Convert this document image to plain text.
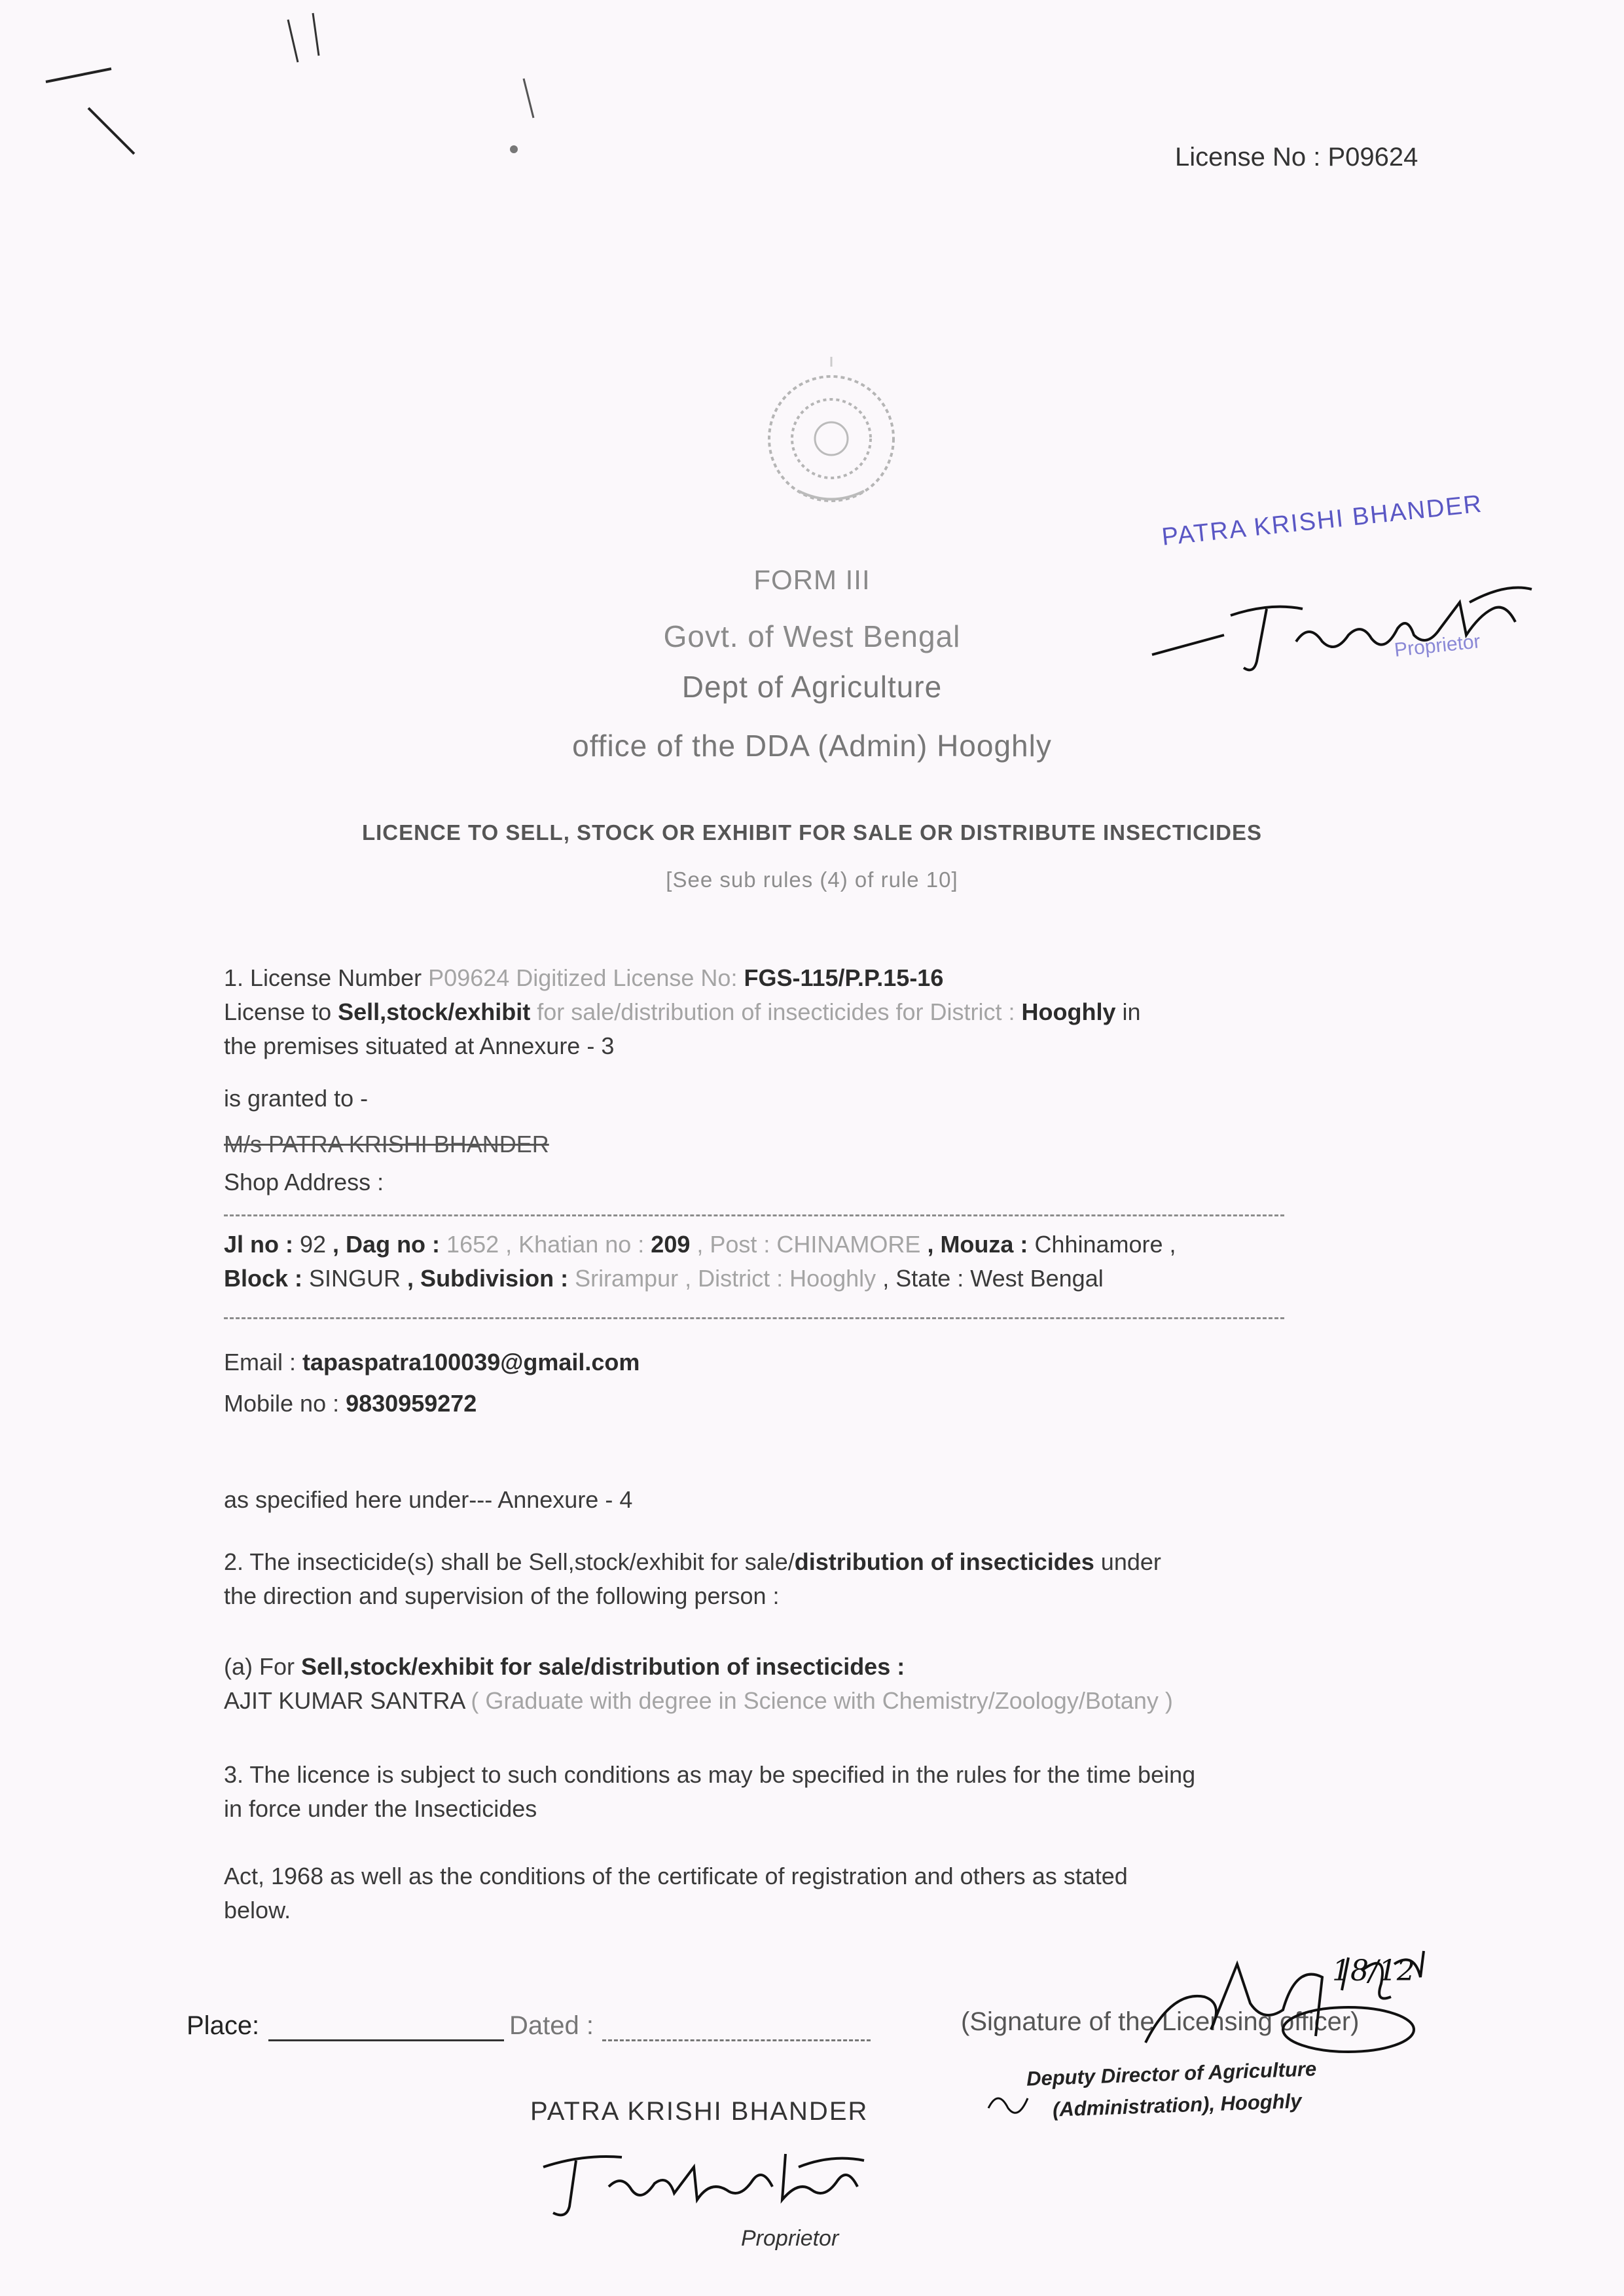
License No : P09624
FORM III
Govt. of West Bengal
Dept of Agriculture
office of the DDA (Admin) Hooghly
PATRA KRISHI BHANDER
Proprietor
LICENCE TO SELL, STOCK OR EXHIBIT FOR SALE OR DISTRIBUTE INSECTICIDES
[See sub rules (4) of rule 10]
1. License Number P09624 Digitized License No: FGS-115/P.P.15-16
License to Sell,stock/exhibit for sale/distribution of insecticides for District : Hooghly in
the premises situated at Annexure - 3
is granted to -
M/s PATRA KRISHI BHANDER
Shop Address :
Jl no : 92 , Dag no : 1652 , Khatian no : 209 , Post : CHINAMORE , Mouza : Chhinamore ,
Block : SINGUR , Subdivision : Srirampur , District : Hooghly , State : West Bengal
Email : tapaspatra100039@gmail.com
Mobile no : 9830959272
as specified here under--- Annexure - 4
2. The insecticide(s) shall be Sell,stock/exhibit for sale/distribution of insecticides under
the direction and supervision of the following person :
(a) For Sell,stock/exhibit for sale/distribution of insecticides :
AJIT KUMAR SANTRA ( Graduate with degree in Science with Chemistry/Zoology/Botany )
3. The licence is subject to such conditions as may be specified in the rules for the time being
in force under the Insecticides
Act, 1968 as well as the conditions of the certificate of registration and others as stated
below.
Place:	Dated :	(Signature of the Licensing officer)
18/12
Deputy Director of Agriculture
(Administration), Hooghly
PATRA KRISHI BHANDER
Proprietor
